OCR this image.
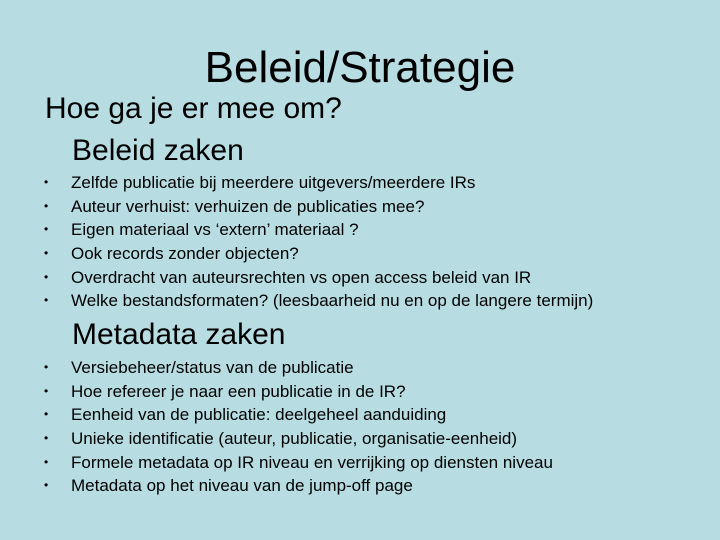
Beleid/Strategie
Hoe ga je er mee om?
Beleid zaken
• Zelfde publicatie bij meerdere uitgevers/meerdere IRs
• Auteur verhuist: verhuizen de publicaties mee?
• Eigen materiaal vs ‘extern’ materiaal ?
• Ook records zonder objecten?
• Overdracht van auteursrechten vs open access beleid van IR
• Welke bestandsformaten? (leesbaarheid nu en op de langere termijn)
Metadata zaken
• Versiebeheer/status van de publicatie
• Hoe refereer je naar een publicatie in de IR?
• Eenheid van de publicatie: deelgeheel aanduiding
• Unieke identificatie (auteur, publicatie, organisatie-eenheid)
• Formele metadata op IR niveau en verrijking op diensten niveau
• Metadata op het niveau van de jump-off page
